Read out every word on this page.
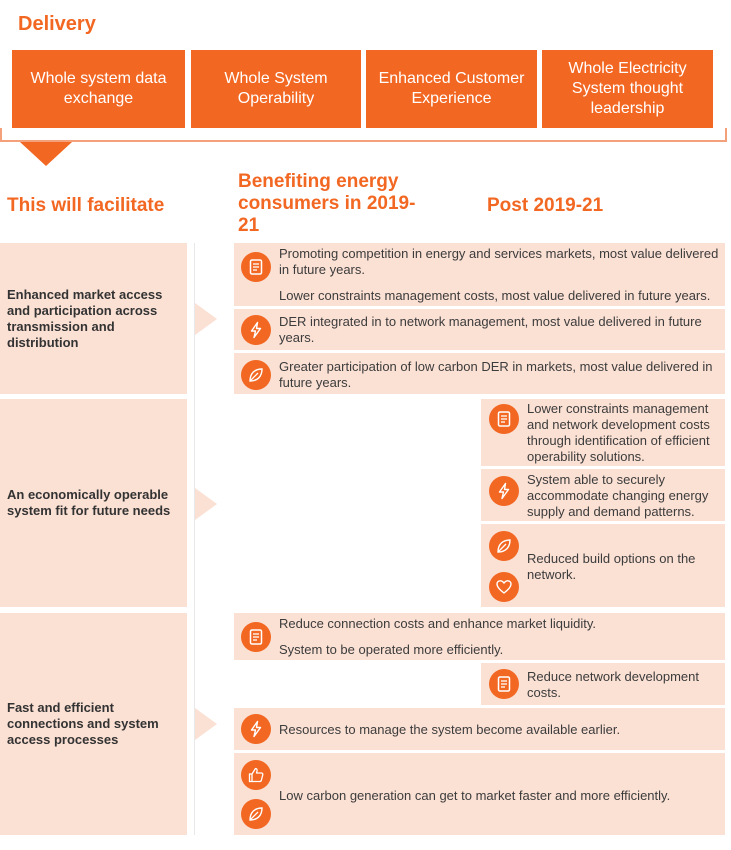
Delivery
Whole system data exchange
Whole System Operability
Enhanced Customer Experience
Whole Electricity System thought leadership
This will facilitate
Benefiting energy consumers in 2019-21
Post 2019-21
Enhanced market access and participation across transmission and distribution
An economically operable system fit for future needs
Fast and efficient connections and system access processes
Promoting competition in energy and services markets, most value delivered in future years.
Lower constraints management costs, most value delivered in future years.
DER integrated in to network management, most value delivered in future years.
Greater participation of low carbon DER in markets, most value delivered in future years.
Lower constraints management and network development costs through identification of efficient operability solutions.
System able to securely accommodate changing energy supply and demand patterns.
Reduced build options on the network.
Reduce connection costs and enhance market liquidity.
System to be operated more efficiently.
Reduce network development costs.
Resources to manage the system become available earlier.
Low carbon generation can get to market faster and more efficiently.
